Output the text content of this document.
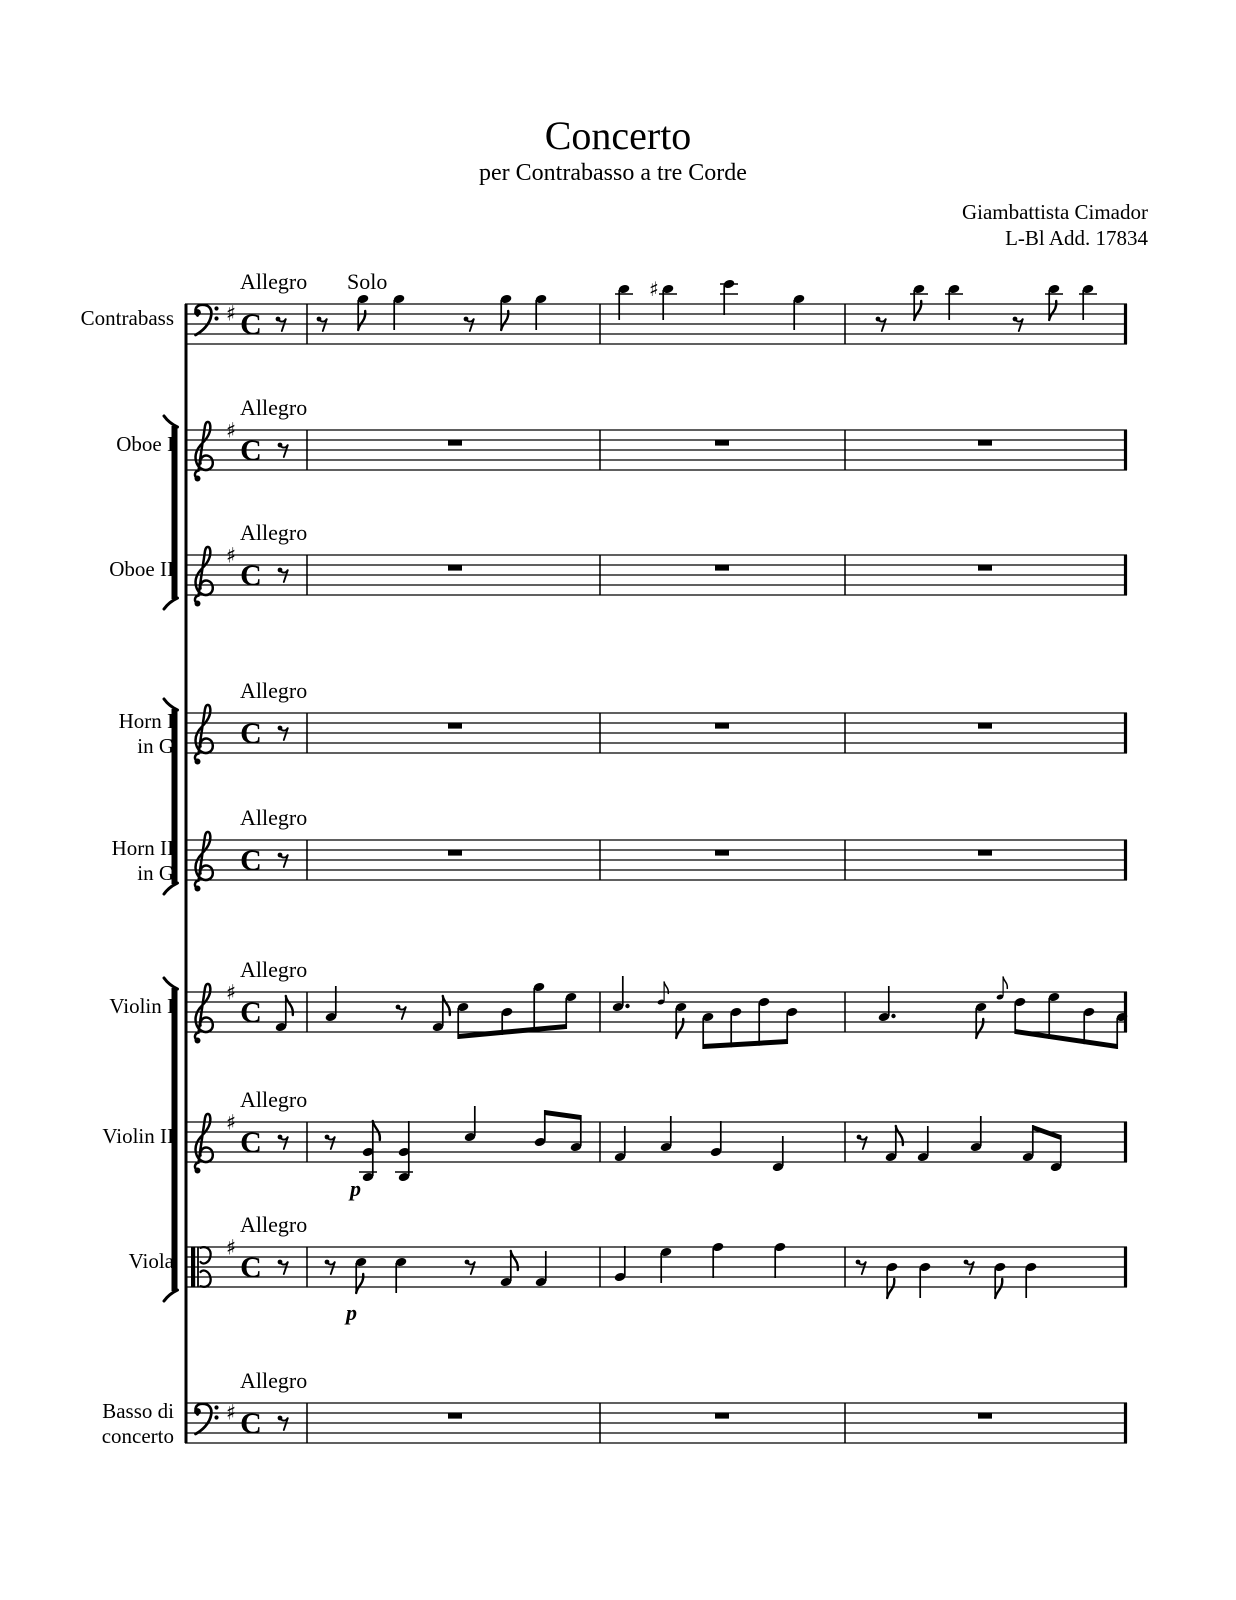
Concerto
per Contrabasso a tre Corde
Giambattista Cimador
L-Bl Add. 17834
♯ C
♯
♯
C
♯
C
C
C
♯
C
♯
C
♯
C
♯ C
Contrabass
Allegro Solo
Oboe I
Allegro
Oboe II
Allegro
Horn I
in G
Allegro
Horn II
in G
Allegro
Violin I
Allegro
Violin II
Allegro
p
Viola
Allegro
p
Basso di
concerto
Allegro
